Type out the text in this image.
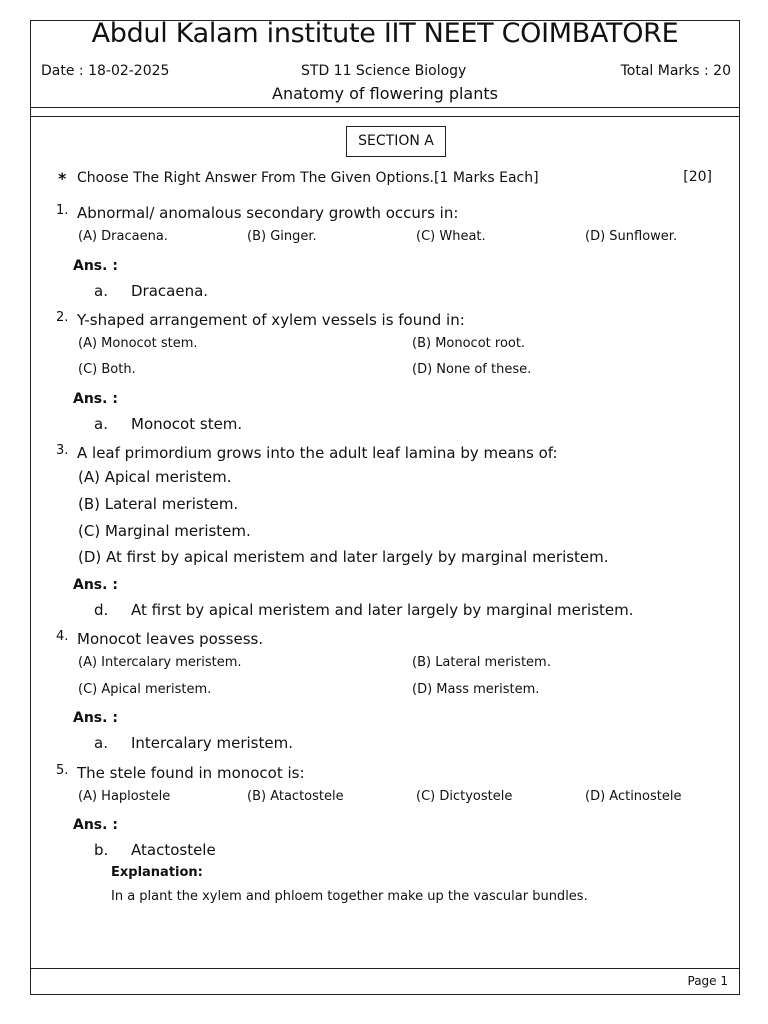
Abdul Kalam institute IIT NEET COIMBATORE
Date : 18-02-2025	STD 11 Science Biology	Total Marks : 20
Anatomy of flowering plants
SECTION A
* Choose The Right Answer From The Given Options.[1 Marks Each]	[20]
1. Abnormal/ anomalous secondary growth occurs in:
(A) Dracaena.	(B) Ginger.	(C) Wheat.	(D) Sunflower.
Ans. :
a. Dracaena.
2. Y-shaped arrangement of xylem vessels is found in:
(A) Monocot stem.	(B) Monocot root.
(C) Both.	(D) None of these.
Ans. :
a. Monocot stem.
3. A leaf primordium grows into the adult leaf lamina by means of:
(A) Apical meristem.
(B) Lateral meristem.
(C) Marginal meristem.
(D) At first by apical meristem and later largely by marginal meristem.
Ans. :
d. At first by apical meristem and later largely by marginal meristem.
4. Monocot leaves possess.
(A) Intercalary meristem.	(B) Lateral meristem.
(C) Apical meristem.	(D) Mass meristem.
Ans. :
a. Intercalary meristem.
5. The stele found in monocot is:
(A) Haplostele	(B) Atactostele	(C) Dictyostele	(D) Actinostele
Ans. :
b. Atactostele
Explanation:
In a plant the xylem and phloem together make up the vascular bundles.
Page 1
